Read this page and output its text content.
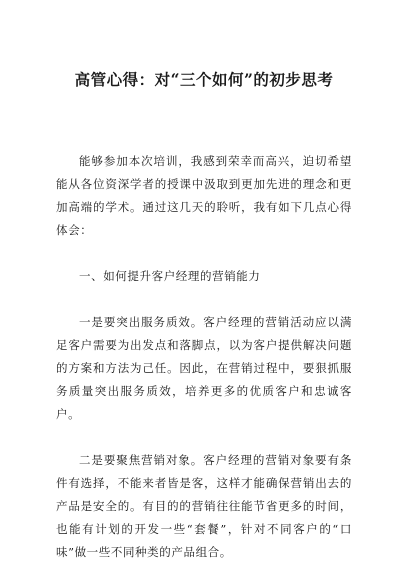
高管心得：对“三个如何”的初步思考

能够参加本次培训，我感到荣幸而高兴，迫切希望能从各位资深学者的授课中汲取到更加先进的理念和更加高端的学术。通过这几天的聆听，我有如下几点心得体会：

一、如何提升客户经理的营销能力

一是要突出服务质效。客户经理的营销活动应以满足客户需要为出发点和落脚点，以为客户提供解决问题的方案和方法为己任。因此，在营销过程中，要狠抓服务质量突出服务质效，培养更多的优质客户和忠诚客户。

二是要聚焦营销对象。客户经理的营销对象要有条件有选择，不能来者皆是客，这样才能确保营销出去的产品是安全的。有目的的营销往往能节省更多的时间，也能有计划的开发一些“套餐”，针对不同客户的“口味”做一些不同种类的产品组合。
